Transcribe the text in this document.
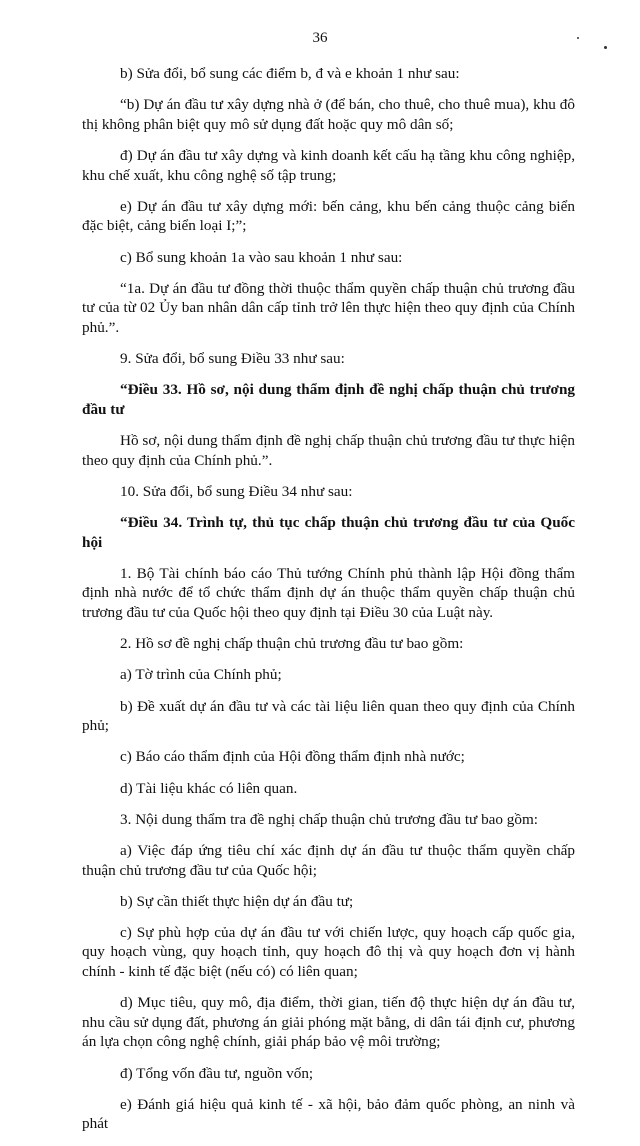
36

b) Sửa đổi, bổ sung các điểm b, đ và e khoản 1 như sau:

“b) Dự án đầu tư xây dựng nhà ở (để bán, cho thuê, cho thuê mua), khu đô thị không phân biệt quy mô sử dụng đất hoặc quy mô dân số;

đ) Dự án đầu tư xây dựng và kinh doanh kết cấu hạ tầng khu công nghiệp, khu chế xuất, khu công nghệ số tập trung;

e) Dự án đầu tư xây dựng mới: bến cảng, khu bến cảng thuộc cảng biển đặc biệt, cảng biển loại I;”;

c) Bổ sung khoản 1a vào sau khoản 1 như sau:

“1a. Dự án đầu tư đồng thời thuộc thẩm quyền chấp thuận chủ trương đầu tư của từ 02 Ủy ban nhân dân cấp tỉnh trở lên thực hiện theo quy định của Chính phủ.”.

9. Sửa đổi, bổ sung Điều 33 như sau:

“Điều 33. Hồ sơ, nội dung thẩm định đề nghị chấp thuận chủ trương đầu tư

Hồ sơ, nội dung thẩm định đề nghị chấp thuận chủ trương đầu tư thực hiện theo quy định của Chính phủ.”.

10. Sửa đổi, bổ sung Điều 34 như sau:

“Điều 34. Trình tự, thủ tục chấp thuận chủ trương đầu tư của Quốc hội

1. Bộ Tài chính báo cáo Thủ tướng Chính phủ thành lập Hội đồng thẩm định nhà nước để tổ chức thẩm định dự án thuộc thẩm quyền chấp thuận chủ trương đầu tư của Quốc hội theo quy định tại Điều 30 của Luật này.

2. Hồ sơ đề nghị chấp thuận chủ trương đầu tư bao gồm:

a) Tờ trình của Chính phủ;

b) Đề xuất dự án đầu tư và các tài liệu liên quan theo quy định của Chính phủ;

c) Báo cáo thẩm định của Hội đồng thẩm định nhà nước;

d) Tài liệu khác có liên quan.

3. Nội dung thẩm tra đề nghị chấp thuận chủ trương đầu tư bao gồm:

a) Việc đáp ứng tiêu chí xác định dự án đầu tư thuộc thẩm quyền chấp thuận chủ trương đầu tư của Quốc hội;

b) Sự cần thiết thực hiện dự án đầu tư;

c) Sự phù hợp của dự án đầu tư với chiến lược, quy hoạch cấp quốc gia, quy hoạch vùng, quy hoạch tỉnh, quy hoạch đô thị và quy hoạch đơn vị hành chính - kinh tế đặc biệt (nếu có) có liên quan;

d) Mục tiêu, quy mô, địa điểm, thời gian, tiến độ thực hiện dự án đầu tư, nhu cầu sử dụng đất, phương án giải phóng mặt bằng, di dân tái định cư, phương án lựa chọn công nghệ chính, giải pháp bảo vệ môi trường;

đ) Tổng vốn đầu tư, nguồn vốn;

e) Đánh giá hiệu quả kinh tế - xã hội, bảo đảm quốc phòng, an ninh và phát
